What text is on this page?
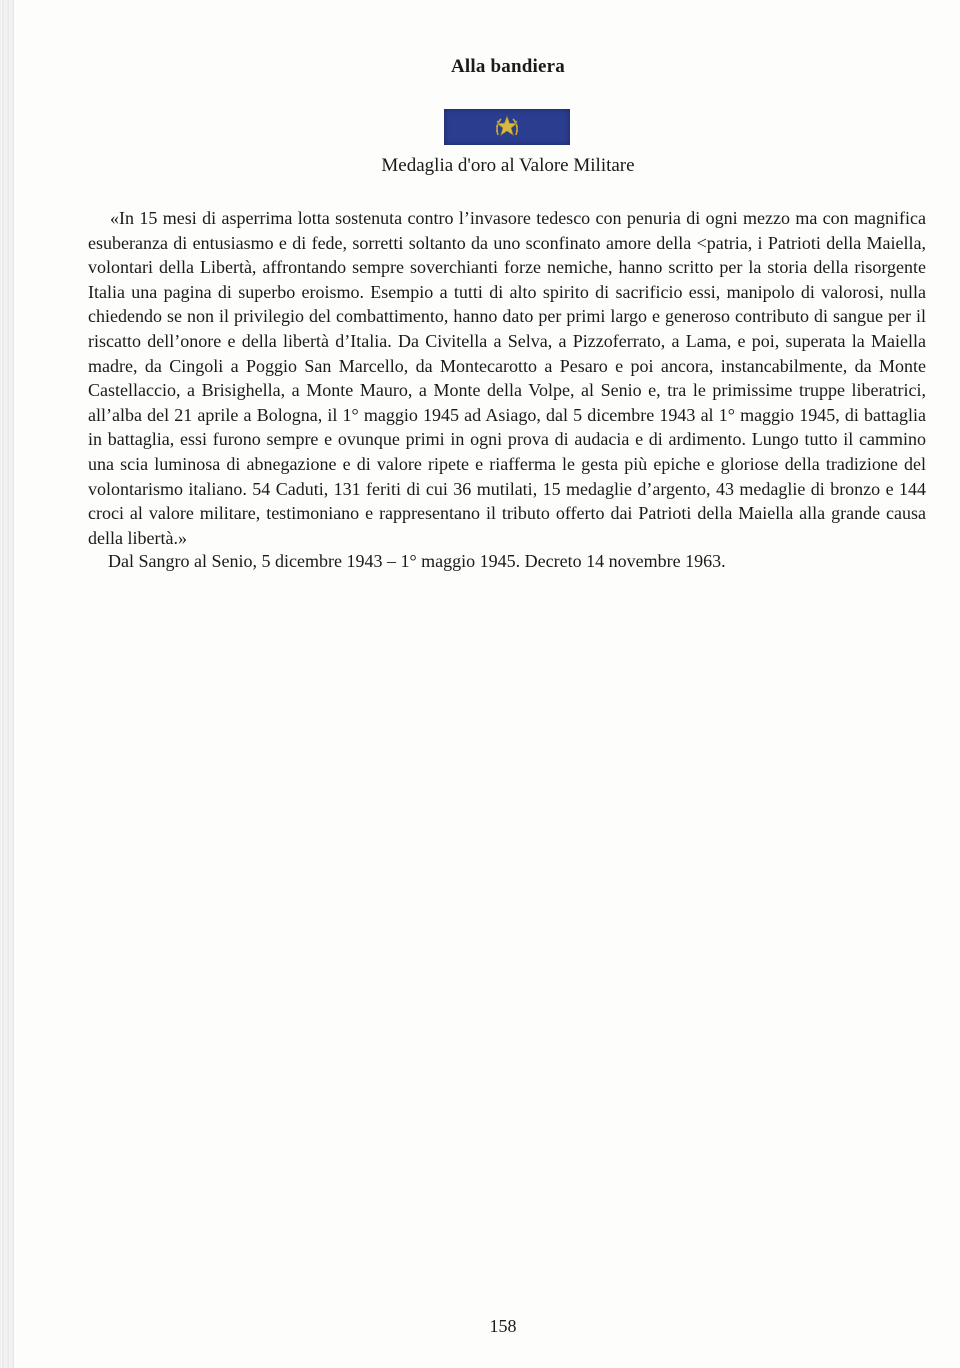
Alla bandiera
Medaglia d'oro al Valore Militare

«In 15 mesi di asperrima lotta sostenuta contro l’invasore tedesco con penuria di ogni mezzo ma con magnifica esuberanza di entusiasmo e di fede, sorretti soltanto da uno sconfinato amore della <patria, i Patrioti della Maiella, volontari della Libertà, affrontando sempre soverchianti forze nemiche, hanno scritto per la storia della risorgente Italia una pagina di superbo eroismo. Esempio a tutti di alto spirito di sacrificio essi, manipolo di valorosi, nulla chiedendo se non il privilegio del combattimento, hanno dato per primi largo e generoso contributo di sangue per il riscatto dell’onore e della libertà d’Italia. Da Civitella a Selva, a Pizzoferrato, a Lama, e poi, superata la Maiella madre, da Cingoli a Poggio San Marcello, da Montecarotto a Pesaro e poi ancora, instancabilmente, da Monte Castellaccio, a Brisighella, a Monte Mauro, a Monte della Volpe, al Senio e, tra le primissime truppe liberatrici, all’alba del 21 aprile a Bologna, il 1° maggio 1945 ad Asiago, dal 5 dicembre 1943 al 1° maggio 1945, di battaglia in battaglia, essi furono sempre e ovunque primi in ogni prova di audacia e di ardimento. Lungo tutto il cammino una scia luminosa di abnegazione e di valore ripete e riafferma le gesta più epiche e gloriose della tradizione del volontarismo italiano. 54 Caduti, 131 feriti di cui 36 mutilati, 15 medaglie d’argento, 43 medaglie di bronzo e 144 croci al valore militare, testimoniano e rappresentano il tributo offerto dai Patrioti della Maiella alla grande causa della libertà.»

Dal Sangro al Senio, 5 dicembre 1943 – 1° maggio 1945. Decreto 14 novembre 1963.

158
